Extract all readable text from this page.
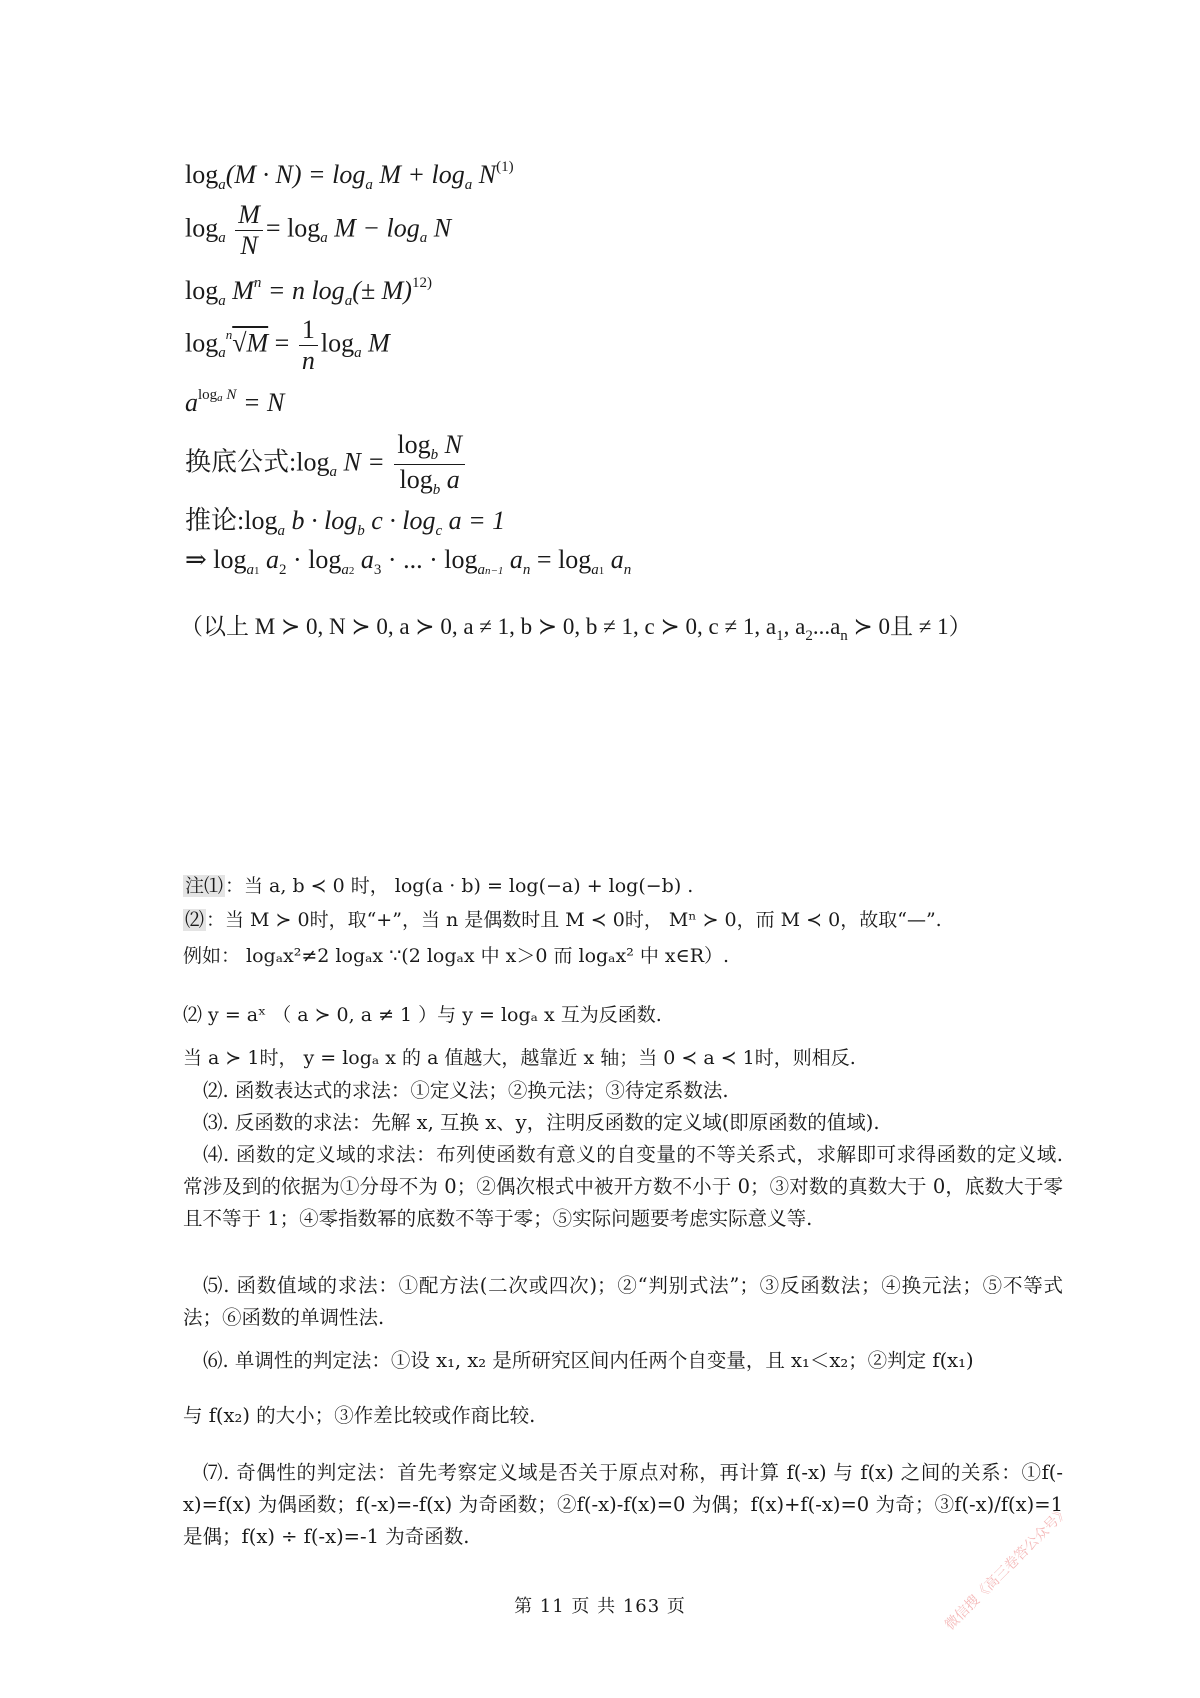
$\log_a(M \cdot N) = \log_a M + \log_a N^{(1)}$
$\log_a \frac{M}{N} = \log_a M - \log_a N$
$\log_a M^n = n$ $\log_a(\pm M)^{12)}$
$\log_a^n√M = \frac{1}{n} \log_a M$
$a^{loga}$ $^N$ = N
换底公式$:\log_a$ $N = \frac{\log_b N}{\log_b a}$
推论$:\log_a$ $b \cdot \log_b c \cdot \log_c a = 1$
⇒ $\log_{a1} a_2 \cdot \log_{a2} a_3$ · ... · $\log_{an-1} a_n = \log_{a1} a_n$
（以上 M ≻ 0, N ≻ 0, a ≻ 0, a ≠ 1, b ≻ 0, b ≠ 1, c ≻ 0, c ≠ 1, $a_1$, $a_2...a_n$ ≻ 0且 ≠ 1）
注⑴ ：当 a, b ≺ 0 时， log(a · b) = log(−a) + log(−b) .
⑵ ：当 M ≻ 0时，取“+”，当 n 是偶数时且 M ≺ 0时， Mⁿ ≻ 0，而 M ≺ 0，故取“—”.
例如： logₐx²≠2 logₐx ∵(2 logₐx 中 x＞0 而 logₐx² 中 x∈R）.
⑵ y = aˣ （ a ≻ 0, a ≠ 1 ）与 y = logₐ x 互为反函数.
当 a ≻ 1时， y = logₐ x 的 a 值越大，越靠近 x 轴；当 0 ≺ a ≺ 1时，则相反.
⑵. 函数表达式的求法：①定义法；②换元法；③待定系数法.
⑶. 反函数的求法：先解 x, 互换 x、y，注明反函数的定义域(即原函数的值域).
⑷. 函数的定义域的求法：布列使函数有意义的自变量的不等关系式，求解即可求得函数的定义域. 常涉及到的依据为①分母不为 0；②偶次根式中被开方数不小于 0；③对数的真数大于 0，底数大于零且不等于 1；④零指数幂的底数不等于零；⑤实际问题要考虑实际意义等.
⑸. 函数值域的求法：①配方法(二次或四次)；②“判别式法”；③反函数法；④换元法；⑤不等式法；⑥函数的单调性法.
⑹. 单调性的判定法：①设 x₁, x₂ 是所研究区间内任两个自变量，且 x₁＜x₂；②判定 f(x₁)
与 f(x₂) 的大小；③作差比较或作商比较.
⑺. 奇偶性的判定法：首先考察定义域是否关于原点对称，再计算 f(-x) 与 f(x) 之间的关系：①f(-x)=f(x) 为偶函数；f(-x)=-f(x) 为奇函数；②f(-x)-f(x)=0 为偶；f(x)+f(-x)=0 为奇；③f(-x)/f(x)=1 是偶；f(x) ÷ f(-x)=-1 为奇函数.
第 11 页 共 163 页	微信搜《高三卷答公众号》
